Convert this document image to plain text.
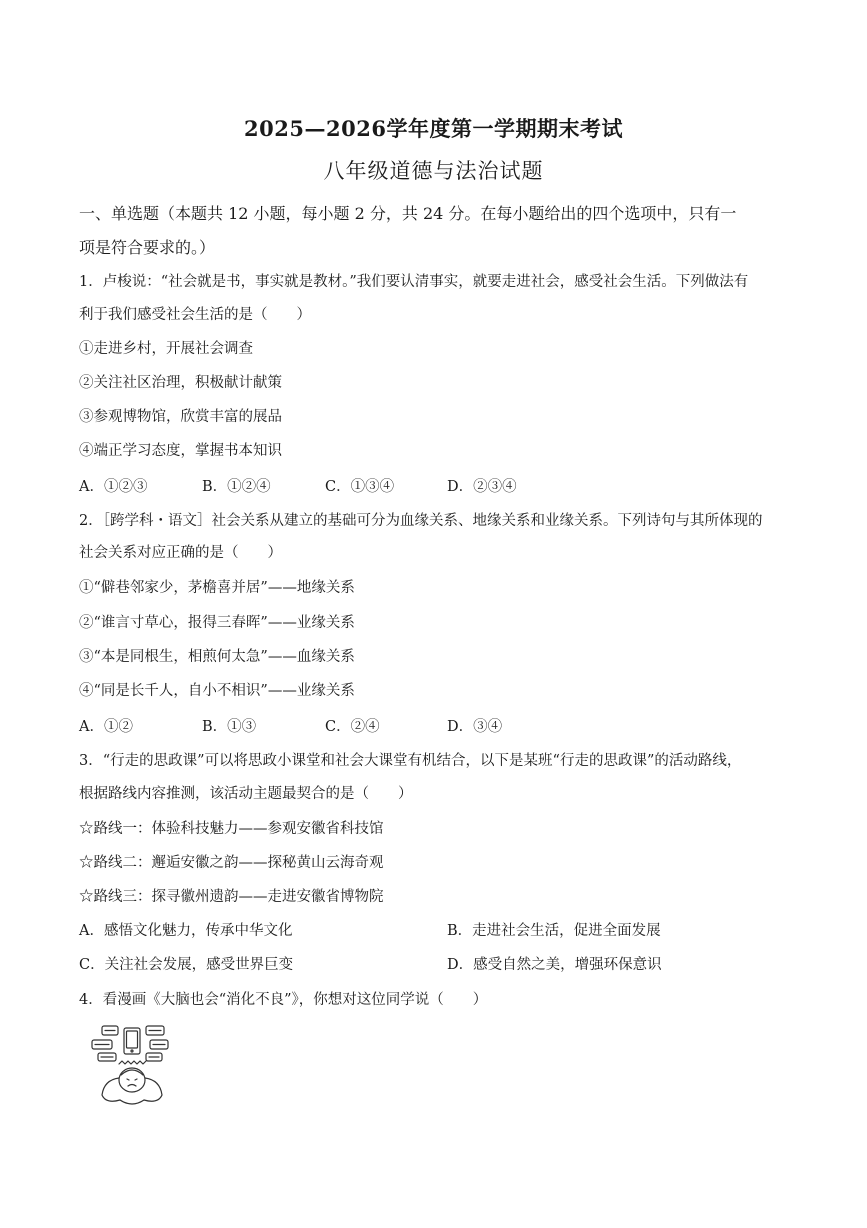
2025—2026学年度第一学期期末考试
八年级道德与法治试题
一、单选题（本题共 12 小题，每小题 2 分，共 24 分。在每小题给出的四个选项中，只有一
项是符合要求的。）
1．卢梭说：“社会就是书，事实就是教材。”我们要认清事实，就要走进社会，感受社会生活。下列做法有
利于我们感受社会生活的是（　　）
①走进乡村，开展社会调查
②关注社区治理，积极献计献策
③参观博物馆，欣赏丰富的展品
④端正学习态度，掌握书本知识
A．①②③	B．①②④	C．①③④	D．②③④
2．［跨学科・语文］社会关系从建立的基础可分为血缘关系、地缘关系和业缘关系。下列诗句与其所体现的
社会关系对应正确的是（　　）
①“僻巷邻家少，茅檐喜并居”——地缘关系
②“谁言寸草心，报得三春晖”——业缘关系
③“本是同根生，相煎何太急”——血缘关系
④“同是长千人，自小不相识”——业缘关系
A．①②	B．①③	C．②④	D．③④
3．“行走的思政课”可以将思政小课堂和社会大课堂有机结合，以下是某班“行走的思政课”的活动路线，
根据路线内容推测，该活动主题最契合的是（　　）
☆路线一：体验科技魅力——参观安徽省科技馆
☆路线二：邂逅安徽之韵——探秘黄山云海奇观
☆路线三：探寻徽州遗韵——走进安徽省博物院
A．感悟文化魅力，传承中华文化	B．走进社会生活，促进全面发展
C．关注社会发展，感受世界巨变	D．感受自然之美，增强环保意识
4．看漫画《大脑也会“消化不良”》，你想对这位同学说（　　）
